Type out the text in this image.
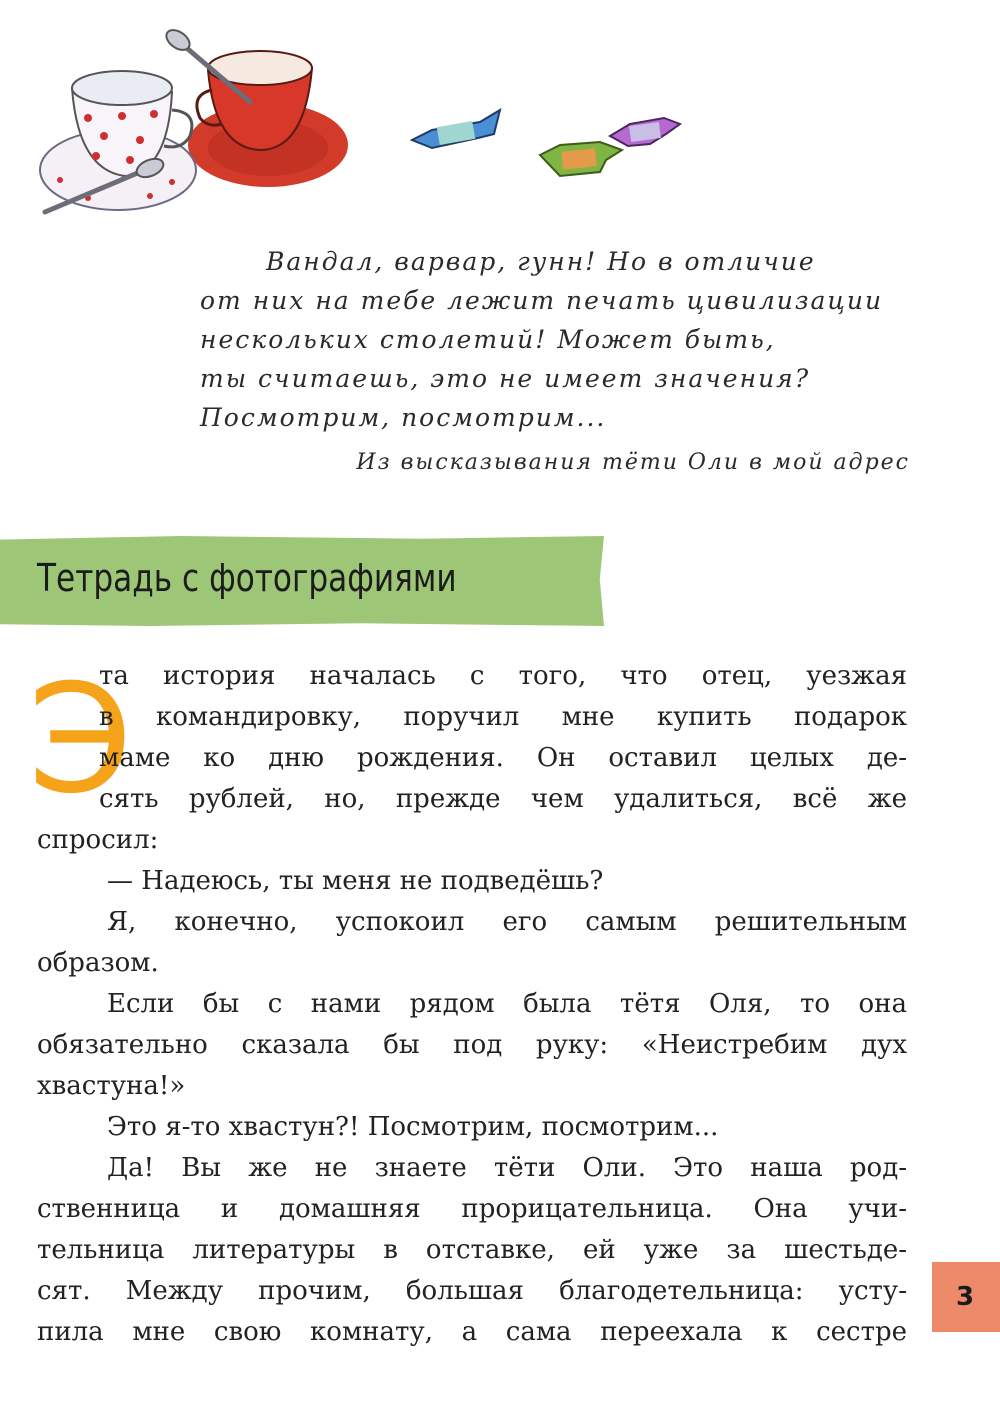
Вандал, варвар, гунн! Но в отличие
от них на тебе лежит печать цивилизации
нескольких столетий! Может быть,
ты считаешь, это не имеет значения?
Посмотрим, посмотрим...
Из высказывания тёти Оли в мой адрес
Тетрадь с фотографиями
Э
та история началась с того, что отец, уезжая
в командировку, поручил мне купить подарок
маме ко дню рождения. Он оставил целых де-
сять рублей, но, прежде чем удалиться, всё же
спросил:
— Надеюсь, ты меня не подведёшь?
Я, конечно, успокоил его самым решительным
образом.
Если бы с нами рядом была тётя Оля, то она
обязательно сказала бы под руку: «Неистребим дух
хвастуна!»
Это я-то хвастун?! Посмотрим, посмотрим...
Да! Вы же не знаете тёти Оли. Это наша род-
ственница и домашняя прорицательница. Она учи-
тельница литературы в отставке, ей уже за шестьде-
сят. Между прочим, большая благодетельница: усту-
пила мне свою комнату, а сама переехала к сестре
3
